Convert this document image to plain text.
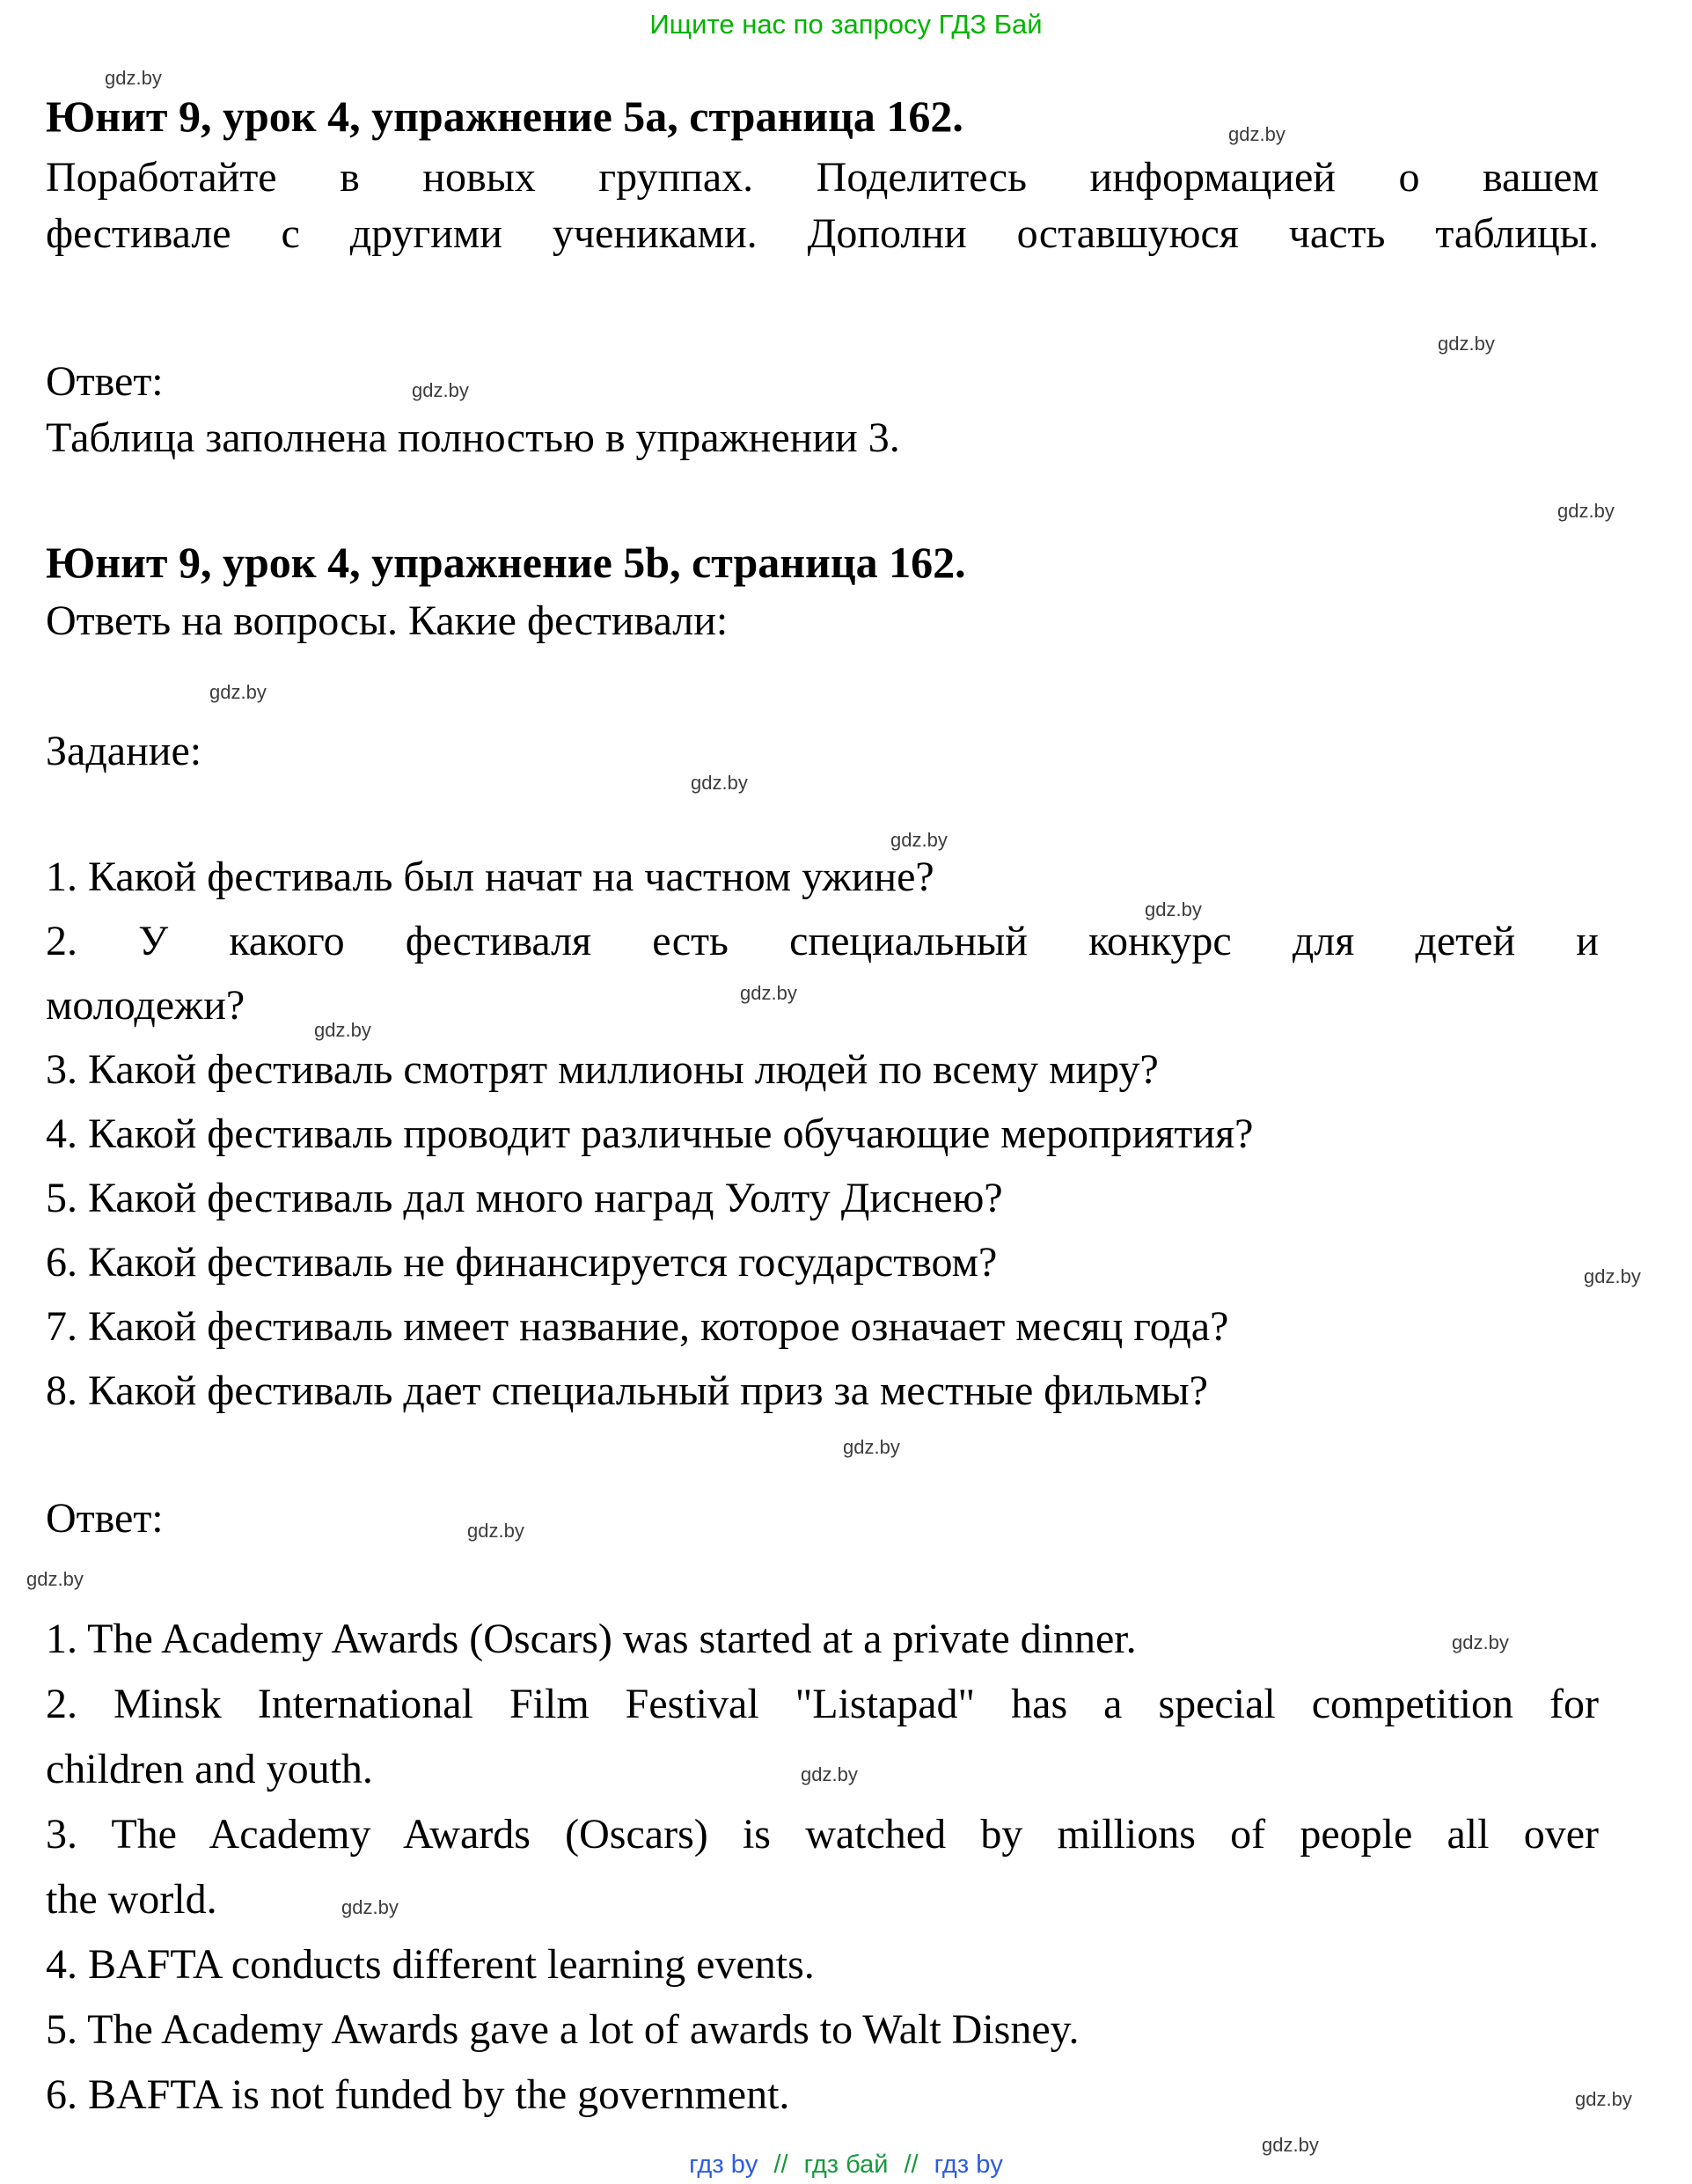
Ищите нас по запросу ГДЗ Бай
gdz.by
gdz.by
gdz.by
gdz.by
gdz.by
gdz.by
gdz.by
gdz.by
gdz.by
gdz.by
gdz.by
gdz.by
gdz.by
gdz.by
gdz.by
gdz.by
gdz.by
gdz.by
gdz.by
gdz.by
Юнит 9, урок 4, упражнение 5a, страница 162.
Поработайте в новых группах. Поделитесь информацией о вашем
фестивале с другими учениками. Дополни оставшуюся часть таблицы.
Ответ:
Таблица заполнена полностью в упражнении 3.
Юнит 9, урок 4, упражнение 5b, страница 162.
Ответь на вопросы. Какие фестивали:
Задание:
1. Какой фестиваль был начат на частном ужине?
2. У какого фестиваля есть специальный конкурс для детей и
молодежи?
3. Какой фестиваль смотрят миллионы людей по всему миру?
4. Какой фестиваль проводит различные обучающие мероприятия?
5. Какой фестиваль дал много наград Уолту Диснею?
6. Какой фестиваль не финансируется государством?
7. Какой фестиваль имеет название, которое означает месяц года?
8. Какой фестиваль дает специальный приз за местные фильмы?
Ответ:
1. The Academy Awards (Oscars) was started at a private dinner.
2. Minsk International Film Festival "Listapad" has a special competition for
children and youth.
3. The Academy Awards (Oscars) is watched by millions of people all over
the world.
4. BAFTA conducts different learning events.
5. The Academy Awards gave a lot of awards to Walt Disney.
6. BAFTA is not funded by the government.
гдз by // гдз бай // гдз by
